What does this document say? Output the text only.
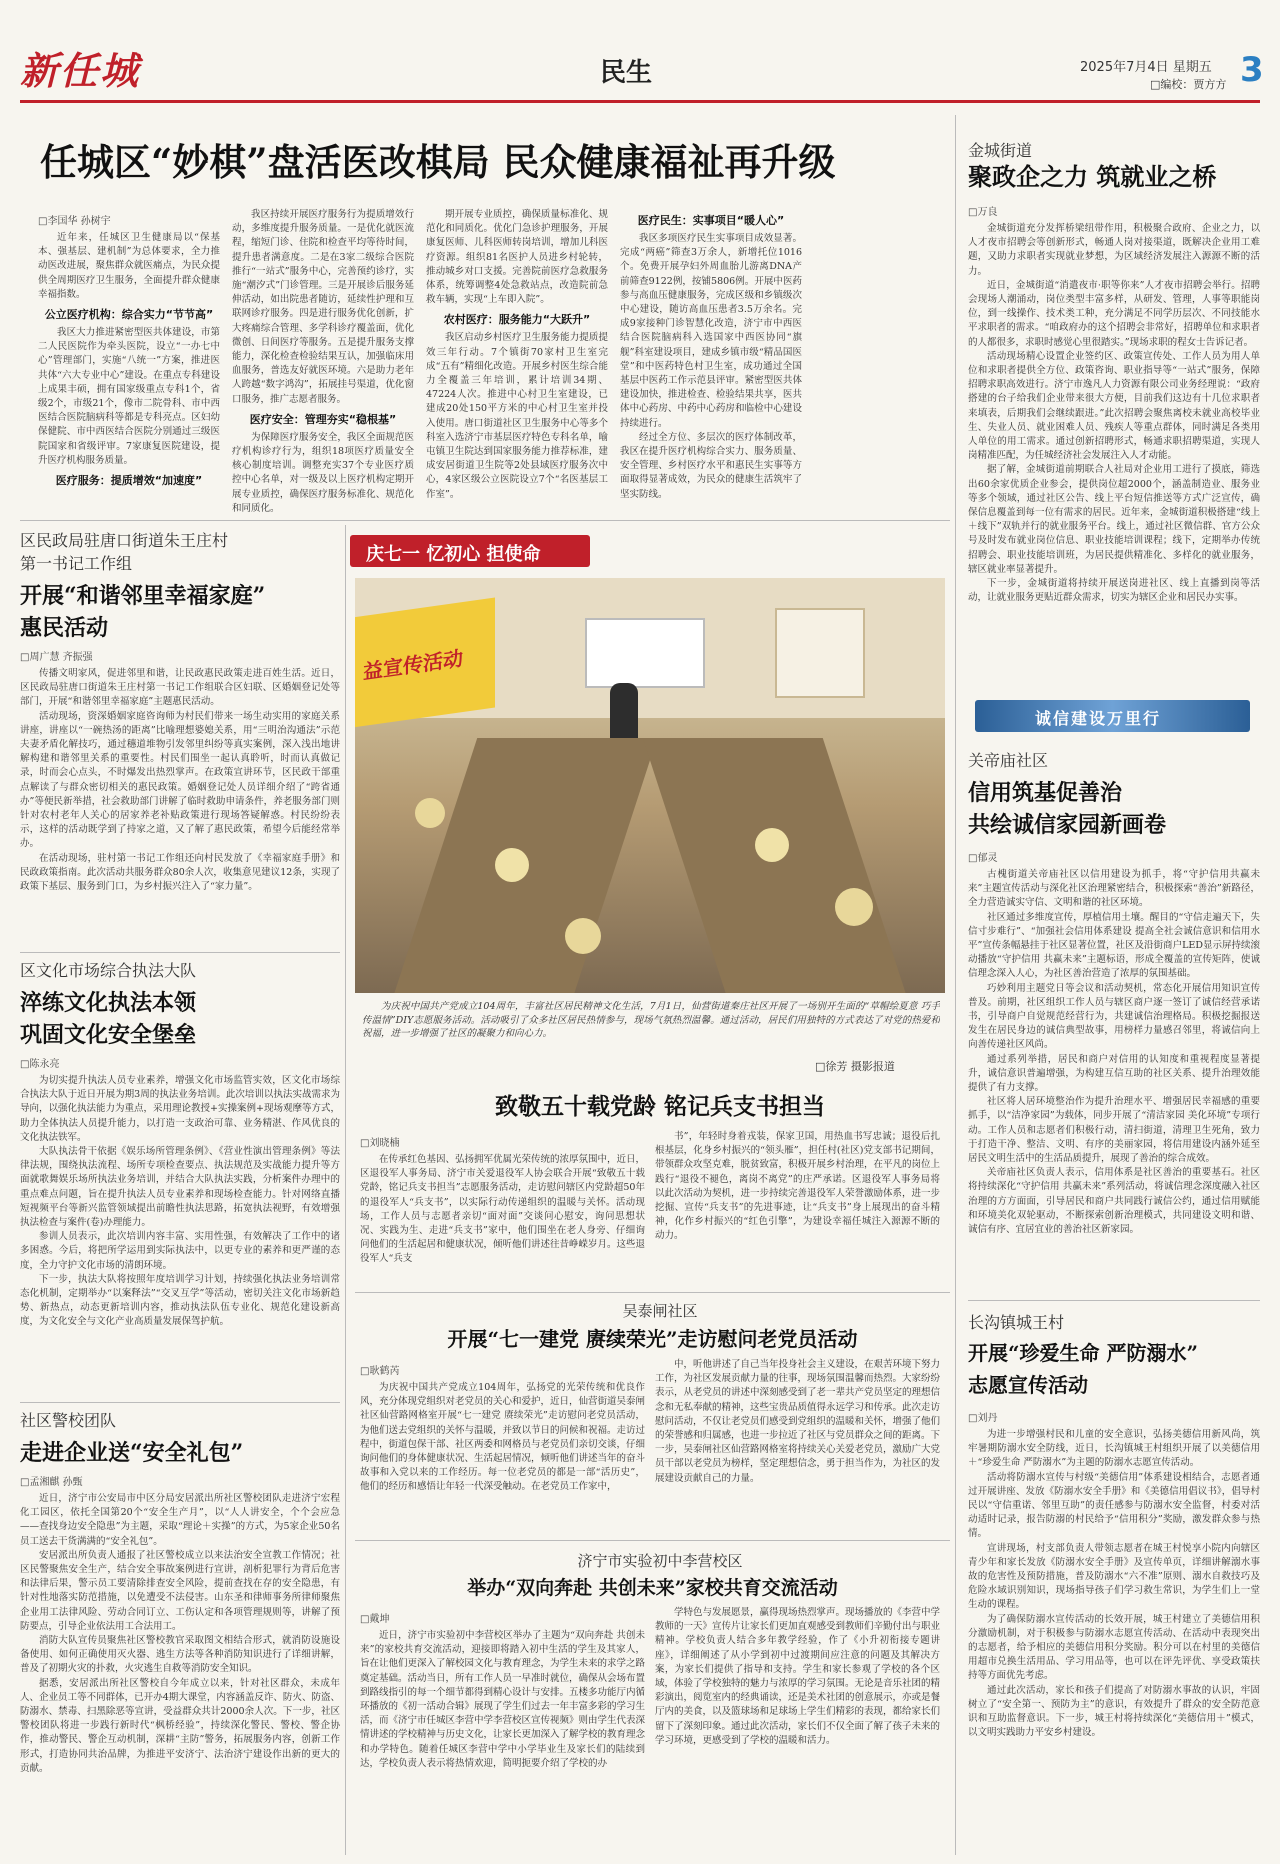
新任城	民生	2025年7月4日 星期五
□编校：贾方方 3
任城区“妙棋”盘活医改棋局 民众健康福祉再升级
□李国华 孙树宇

近年来，任城区卫生健康局以“保基本、强基层、建机制”为总体要求，全力推动医改进展，聚焦群众就医痛点，为民众提供全周期医疗卫生服务，全面提升群众健康幸福指数。

公立医疗机构：综合实力“节节高”

我区大力推进紧密型医共体建设，市第二人民医院作为牵头医院，设立“一办七中心”管理部门，实施“八统一”方案，推进医共体“六大专业中心”建设。在重点专科建设上成果丰硕，拥有国家级重点专科1个，省级2个，市级21个，像市二院骨科、市中西医结合医院脑病科等都是专科亮点。区妇幼保健院、市中西医结合医院分别通过三级医院国家和省级评审。7家康复医院建设，提升医疗机构服务质量。

医疗服务：提质增效“加速度”

我区持续开展医疗服务行为提质增效行动，多维度提升服务质量。一是优化就医流程，缩短门诊、住院和检查平均等待时间，提升患者满意度。二是在3家二级综合医院推行“一站式”服务中心，完善预约诊疗，实施“潮汐式”门诊管理。三是开展诊后服务延伸活动，如出院患者随访，延续性护理和互联网诊疗服务。四是进行服务优化创新，扩大疼痛综合管理、多学科诊疗覆盖面，优化微创、日间医疗等服务。五是提升服务支撑能力，深化检查检验结果互认，加强临床用血服务，普选友好就医环境。六是助力老年人跨越“数字鸿沟”，拓展挂号渠道，优化窗口服务，推广志愿者服务。

医疗安全：管理夯实“稳根基”

为保障医疗服务安全，我区全面规范医疗机构诊疗行为，组织18项医疗质量安全核心制度培训。调整充实37个专业医疗质控中心名单，对一级及以上医疗机构定期开展专业质控，确保医疗服务标准化、规范化和同质化。

期开展专业质控，确保质量标准化、规范化和同质化。优化门急诊护理服务，开展康复医师、儿科医师转岗培训，增加儿科医疗资源。组织81名医护人员进乡村轮转，推动城乡对口支援。完善院前医疗急救服务体系，统筹调整4处急救站点，改造院前急救车辆，实现“上车即入院”。

农村医疗：服务能力“大跃升”

我区启动乡村医疗卫生服务能力提质提效三年行动。7个镇街70家村卫生室完成“五有”精细化改造。开展乡村医生综合能力全覆盖三年培训，累计培训34期、47224人次。推进中心村卫生室建设，已建成20处150平方米的中心村卫生室并投入使用。唐口街道社区卫生服务中心等多个科室入选济宁市基层医疗特色专科名单，喻屯镇卫生院达到国家服务能力推荐标准，建成安居街道卫生院等2处县域医疗服务次中心，4家区级公立医院设立7个“名医基层工作室”。

医疗民生：实事项目“暖人心”

我区多项医疗民生实事项目成效显著。完成“两癌”筛查3万余人，新增托位1016个。免费开展孕妇外周血胎儿游离DNA产前筛查9122例，按铺5806例。开展中医药参与高血压健康服务，完成区级和乡镇级次中心建设，随访高血压患者3.5万余名。完成9家接种门诊智慧化改造，济宁市中西医结合医院脑病科入选国家中西医协同“旗舰”科室建设项目，建成乡镇市级“精品国医堂”和中医药特色村卫生室，成功通过全国基层中医药工作示范县评审。紧密型医共体建设加快，推进检查、检验结果共享，医共体中心药房、中药中心药房和临检中心建设持续进行。

经过全方位、多层次的医疗体制改革，我区在提升医疗机构综合实力、服务质量、安全管理、乡村医疗水平和惠民生实事等方面取得显著成效，为民众的健康生活筑牢了坚实防线。

金城街道
聚政企之力 筑就业之桥
□万良

金城街道充分发挥桥梁纽带作用，积极聚合政府、企业之力，以人才夜市招聘会等创新形式，畅通人岗对接渠道，既解决企业用工难题，又助力求职者实现就业梦想，为区域经济发展注入源源不断的活力。

近日，金城街道“消遣夜市·职等你来”人才夜市招聘会举行。招聘会现场人潮涌动，岗位类型丰富多样，从研发、管理，人事等职能岗位，到一线操作、技术类工种，充分满足不同学历层次、不同技能水平求职者的需求。“咱政府办的这个招聘会非常好，招聘单位和求职者的人都很多，求职时感觉心里很踏实。”现场求职的程女士告诉记者。

活动现场精心设置企业签约区、政策宣传处、工作人员为用人单位和求职者提供全方位、政策咨询、职业指导等“一站式”服务，保障招聘求职高效进行。济宁市逸凡人力资源有限公司业务经理说：“政府搭建的台子给我们企业带来很大方便，目前我们这边有十几位求职者来填表，后期我们会继续跟进。”此次招聘会聚焦离校未就业高校毕业生、失业人员、就业困难人员、残疾人等重点群体，同时满足各类用人单位的用工需求。通过创新招聘形式，畅通求职招聘渠道，实现人岗精准匹配，为任城经济社会发展注入人才动能。

据了解，金城街道前期联合人社局对企业用工进行了摸底，筛选出60余家优质企业参会，提供岗位超2000个，涵盖制造业、服务业等多个领域，通过社区公告、线上平台短信推送等方式广泛宣传，确保信息覆盖到每一位有需求的居民。近年来，金城街道积极搭建“线上＋线下”双轨并行的就业服务平台。线上，通过社区微信群、官方公众号及时发布就业岗位信息、职业技能培训课程；线下，定期举办传统招聘会、职业技能培训班，为居民提供精准化、多样化的就业服务，辖区就业率显著提升。

下一步，金城街道将持续开展送岗进社区、线上直播到岗等活动，让就业服务更贴近群众需求，切实为辖区企业和居民办实事。

诚信建设万里行
关帝庙社区
信用筑基促善治
共绘诚信家园新画卷
□郁灵

古槐街道关帝庙社区以信用建设为抓手，将“守护信用共赢未来”主题宣传活动与深化社区治理紧密结合，积极探索“善治”新路径，全力营造诚实守信、文明和谐的社区环境。

社区通过多维度宣传，厚植信用土壤。醒目的“守信走遍天下，失信寸步难行”、“加强社会信用体系建设 提高全社会诚信意识和信用水平”宣传条幅悬挂于社区显著位置，社区及沿街商户LED显示屏持续滚动播放“守护信用 共赢未来”主题标语，形成全覆盖的宣传矩阵，使诚信理念深入人心，为社区善治营造了浓厚的氛围基础。

巧妙利用主题党日等会议和活动契机，常态化开展信用知识宣传普及。前期，社区组织工作人员与辖区商户逐一签订了诚信经营承诺书，引导商户自觉规范经营行为，共建诚信治理格局。积极挖掘报送发生在居民身边的诚信典型故事，用榜样力量感召邻里，将诚信向上向善传递社区风尚。

通过系列举措，居民和商户对信用的认知度和重视程度显著提升，诚信意识普遍增强，为构建互信互助的社区关系、提升治理效能提供了有力支撑。

社区将人居环境整治作为提升治理水平、增强居民幸福感的重要抓手，以“洁净家园”为载体，同步开展了“清洁家园 美化环境”专项行动。工作人员和志愿者们积极行动，清扫街道，清理卫生死角，致力于打造干净、整洁、文明、有序的美丽家园，将信用建设内涵外延至居民文明生活中的生活品质提升，展现了善治的综合成效。

关帝庙社区负责人表示，信用体系是社区善治的重要基石。社区将持续深化“守护信用 共赢未来”系列活动，将诚信理念深度融入社区治理的方方面面，引导居民和商户共同践行诚信公约，通过信用赋能和环境美化双轮驱动，不断探索创新治理模式，共同建设文明和谐、诚信有序、宜居宜业的善治社区新家园。

长沟镇城王村
开展“珍爱生命 严防溺水”
志愿宣传活动
□刘丹

为进一步增强村民和儿童的安全意识，弘扬美德信用新风尚，筑牢暑期防溺水安全防线，近日，长沟镇城王村组织开展了以美德信用＋“珍爱生命 严防溺水”为主题的防溺水志愿宣传活动。

活动将防溺水宣传与村级“美德信用”体系建设相结合，志愿者通过开展讲座、发放《防溺水安全手册》和《美德信用倡议书》，倡导村民以“守信重诺、邻里互助”的责任感参与防溺水安全监督，村委对活动适时记录，报告防溺的村民给予“信用积分”奖励，激发群众参与热情。

宣讲现场，村支部负责人带领志愿者在城王村悦享小院内向辖区青少年和家长发放《防溺水安全手册》及宣传单页，详细讲解溺水事故的危害性及预防措施，普及防溺水“六不准”原则、溺水自救技巧及危险水域识别知识，现场指导孩子们学习救生常识，为学生们上一堂生动的课程。

为了确保防溺水宣传活动的长效开展，城王村建立了美德信用积分激励机制，对于积极参与防溺水志愿宣传活动、在活动中表现突出的志愿者，给予相应的美德信用积分奖励。积分可以在村里的美德信用超市兑换生活用品、学习用品等，也可以在评先评优、享受政策扶持等方面优先考虑。

通过此次活动，家长和孩子们提高了对防溺水事故的认识，牢固树立了“安全第一、预防为主”的意识，有效提升了群众的安全防范意识和互助监督意识。下一步，城王村将持续深化“美德信用＋”模式，以文明实践助力平安乡村建设。

区民政局驻唐口街道朱王庄村
第一书记工作组
开展“和谐邻里幸福家庭”
惠民活动
□周广慧 齐振强

传播文明家风，促进邻里和谐，让民政惠民政策走进百姓生活。近日，区民政局驻唐口街道朱王庄村第一书记工作组联合区妇联、区婚姻登记处等部门，开展“和谐邻里幸福家庭”主题惠民活动。

活动现场，资深婚姻家庭咨询师为村民们带来一场生动实用的家庭关系讲座，讲座以“一碗热汤的距离”比喻理想婆媳关系，用“三明治沟通法”示范夫妻矛盾化解技巧，通过穗道堆物引发邻里纠纷等真实案例，深入浅出地讲解构建和谐邻里关系的重要性。村民们围坐一起认真聆听，时而认真做记录，时而会心点头，不时爆发出热烈掌声。在政策宣讲环节，区民政干部重点解读了与群众密切相关的惠民政策。婚姻登记处人员详细介绍了“跨省通办”等便民新举措，社会救助部门讲解了临时救助申请条件，养老服务部门则针对农村老年人关心的居家养老补贴政策进行现场答疑解惑。村民纷纷表示，这样的活动既学到了持家之道，又了解了惠民政策，希望今后能经常举办。

在活动现场，驻村第一书记工作组还向村民发放了《幸福家庭手册》和民政政策指南。此次活动共服务群众80余人次，收集意见建议12条，实现了政策下基层、服务到门口，为乡村振兴注入了“家力量”。

区文化市场综合执法大队
淬练文化执法本领
巩固文化安全堡垒
□陈永亮

为切实提升执法人员专业素养，增强文化市场监管实效，区文化市场综合执法大队于近日开展为期3周的执法业务培训。此次培训以执法实战需求为导向，以强化执法能力为重点，采用理论教授+实操案例+现场观摩等方式，助力全体执法人员提升能力，以打造一支政治可靠、业务精湛、作风优良的文化执法铁军。

大队执法骨干依据《娱乐场所管理条例》、《营业性演出管理条例》等法律法规，围绕执法流程、场所专项检查要点、执法规范及实战能力提升等方面就歌舞娱乐场所执法业务培训，并结合大队执法实践，分析案件办理中的重点难点问题，旨在提升执法人员专业素养和现场检查能力。针对网络直播短视频平台等新兴监管领域提出前瞻性执法思路，拓宽执法视野，有效增强执法检查与案件(卷)办理能力。

参训人员表示，此次培训内容丰富、实用性强，有效解决了工作中的诸多困惑。今后，将把所学运用到实际执法中，以更专业的素养和更严谨的态度，全力守护文化市场的清朗环境。

下一步，执法大队将按照年度培训学习计划，持续强化执法业务培训常态化机制，定期举办“以案释法”“交叉互学”等活动，密切关注文化市场新趋势、新热点，动态更新培训内容，推动执法队伍专业化、规范化建设新高度，为文化安全与文化产业高质量发展保驾护航。

社区警校团队
走进企业送“安全礼包”
□孟湘麒 孙甄

近日，济宁市公安局市中区分局安居派出所社区警校团队走进济宁宏程化工园区，依托全国第20个“安全生产月”，以“人人讲安全，个个会应急——查找身边安全隐患”为主题，采取“理论＋实操”的方式，为5家企业50名员工送去干货满满的“安全礼包”。

安居派出所负责人通报了社区警校成立以来法治安全宣教工作情况；社区民警聚焦安全生产，结合安全事故案例进行宣讲，剖析犯罪行为背后危害和法律后果，警示员工要清除排查安全风险，提前查找在存的安全隐患，有针对性地落实防范措施，以免遭受不法侵害。山东圣和律师事务所律师聚焦企业用工法律风险、劳动合同订立、工伤认定和各项管理规则等，讲解了预防要点，引导企业依法用工合法用工。

消防大队宣传员聚焦社区警校教官采取图文相结合形式，就消防设施设备使用、如何正确使用灭火器、逃生方法等各种消防知识进行了详细讲解，普及了初期火灾的扑救，火灾逃生自救等消防安全知识。

据悉，安居派出所社区警校自今年成立以来，针对社区群众，未成年人、企业员工等不同群体，已开办4期大课堂，内容涵盖反诈、防火、防盗、防溺水、禁毒、扫黑除恶等宣讲，受益群众共计2000余人次。下一步，社区警校团队将进一步践行新时代“枫桥经验”，持续深化警民、警校、警企协作，推动警民、警企互动机制，深耕“主防”警务，拓展服务内容，创新工作形式，打造协同共治品牌，为推进平安济宁、法治济宁建设作出新的更大的贡献。

庆七一 忆初心 担使命
益宣传活动

为庆祝中国共产党成立104周年，丰富社区居民精神文化生活，7月1日，仙营街道秦庄社区开展了一场别开生面的“草帽绘夏意 巧手传温情”DIY志愿服务活动。活动吸引了众多社区居民热情参与，现场气氛热烈温馨。通过活动，居民们用独特的方式表达了对党的热爱和祝福，进一步增强了社区的凝聚力和向心力。

□徐芳 摄影报道
致敬五十载党龄 铭记兵支书担当
□刘晓楠

在传承红色基因、弘扬拥军优属光荣传统的浓厚氛围中，近日，区退役军人事务局、济宁市关爱退役军人协会联合开展“致敬五十载党龄，铭记兵支书担当”志愿服务活动，走访慰问辖区内党龄超50年的退役军人“兵支书”，以实际行动传递组织的温暖与关怀。活动现场，工作人员与志愿者亲切“面对面”交谈问心慰安，询问思想状况、实践为生、走进“兵支书”家中，他们围坐在老人身旁、仔细询问他们的生活起居和健康状况，倾听他们讲述往昔峥嵘岁月。这些退役军人“兵支

书”，年轻时身着戎装，保家卫国，用热血书写忠诚；退役后扎根基层，化身乡村振兴的“领头雁”，担任村(社区)党支部书记期间，带领群众攻坚克难，脱贫致富，积极开展乡村治理，在平凡的岗位上践行“退役不褪色，离岗不离党”的庄严承诺。区退役军人事务局将以此次活动为契机，进一步持续完善退役军人荣誉激励体系，进一步挖掘、宣传“兵支书”的先进事迹，让“兵支书”身上展现出的奋斗精神，化作乡村振兴的“红色引擎”，为建设幸福任城注入源源不断的动力。

吴泰闸社区
开展“七一建党 赓续荣光”走访慰问老党员活动
□耿鹤芮

为庆祝中国共产党成立104周年，弘扬党的光荣传统和优良作风，充分体现党组织对老党员的关心和爱护，近日，仙营街道吴泰闸社区仙营路网格室开展“七一建党 赓续荣光”走访慰问老党员活动，为他们送去党组织的关怀与温暖，并致以节日的问候和祝福。走访过程中，街道包保干部、社区两委和网格员与老党员们亲切交谈，仔细询问他们的身体健康状况、生活起居情况，倾听他们讲述当年的奋斗故事和入党以来的工作经历。每一位老党员的都是一部“活历史”，他们的经历和感悟让年轻一代深受触动。在老党员工作家中，

中，听他讲述了自己当年投身社会主义建设，在艰苦环境下努力工作，为社区发展贡献力量的往事，现场氛围温馨而热烈。大家纷纷表示，从老党员的讲述中深刻感受到了老一辈共产党员坚定的理想信念和无私奉献的精神，这些宝贵品质值得永远学习和传承。此次走访慰问活动，不仅让老党员们感受到党组织的温暖和关怀，增强了他们的荣誉感和归属感，也进一步拉近了社区与党员群众之间的距离。下一步，吴泰闸社区仙营路网格室将持续关心关爱老党员，激励广大党员干部以老党员为榜样，坚定理想信念，勇于担当作为，为社区的发展建设贡献自己的力量。

济宁市实验初中李营校区
举办“双向奔赴 共创未来”家校共育交流活动
□戴坤

近日，济宁市实验初中李营校区举办了主题为“双向奔赴 共创未来”的家校共育交流活动，迎接即将踏入初中生活的学生及其家人，旨在让他们更深入了解校园文化与教育理念，为学生未来的求学之路奠定基础。活动当日，所有工作人员一早准时就位，确保从会场布置到路线指引的每一个细节都得到精心设计与安排。五楼多功能厅内循环播放的《初一活动合辑》展现了学生们过去一年丰富多彩的学习生活，而《济宁市任城区李营中学李营校区宣传视频》则由学生代表深情讲述的学校精神与历史文化，让家长更加深入了解学校的教育理念和办学特色。随着任城区李营中学中小学毕业生及家长们的陆续到达，学校负责人表示将热情欢迎，简明扼要介绍了学校的办

学特色与发展愿景，赢得现场热烈掌声。现场播放的《李营中学教师的一天》宣传片让家长们更加直观感受到教师们辛勤付出与职业精神。学校负责人结合多年教学经验，作了《小升初衔接专题讲座》，详细阐述了从小学到初中过渡期间应注意的问题及其解决方案，为家长们提供了指导和支持。学生和家长参观了学校的各个区域，体验了学校独特的魅力与浓厚的学习氛围。无论是音乐社团的精彩演出，阅览室内的经典诵读，还是美术社团的创意展示，亦或是餐厅内的美食，以及篮球场和足球场上学生们精彩的表现，都给家长们留下了深刻印象。通过此次活动，家长们不仅全面了解了孩子未来的学习环境，更感受到了学校的温暖和活力。
